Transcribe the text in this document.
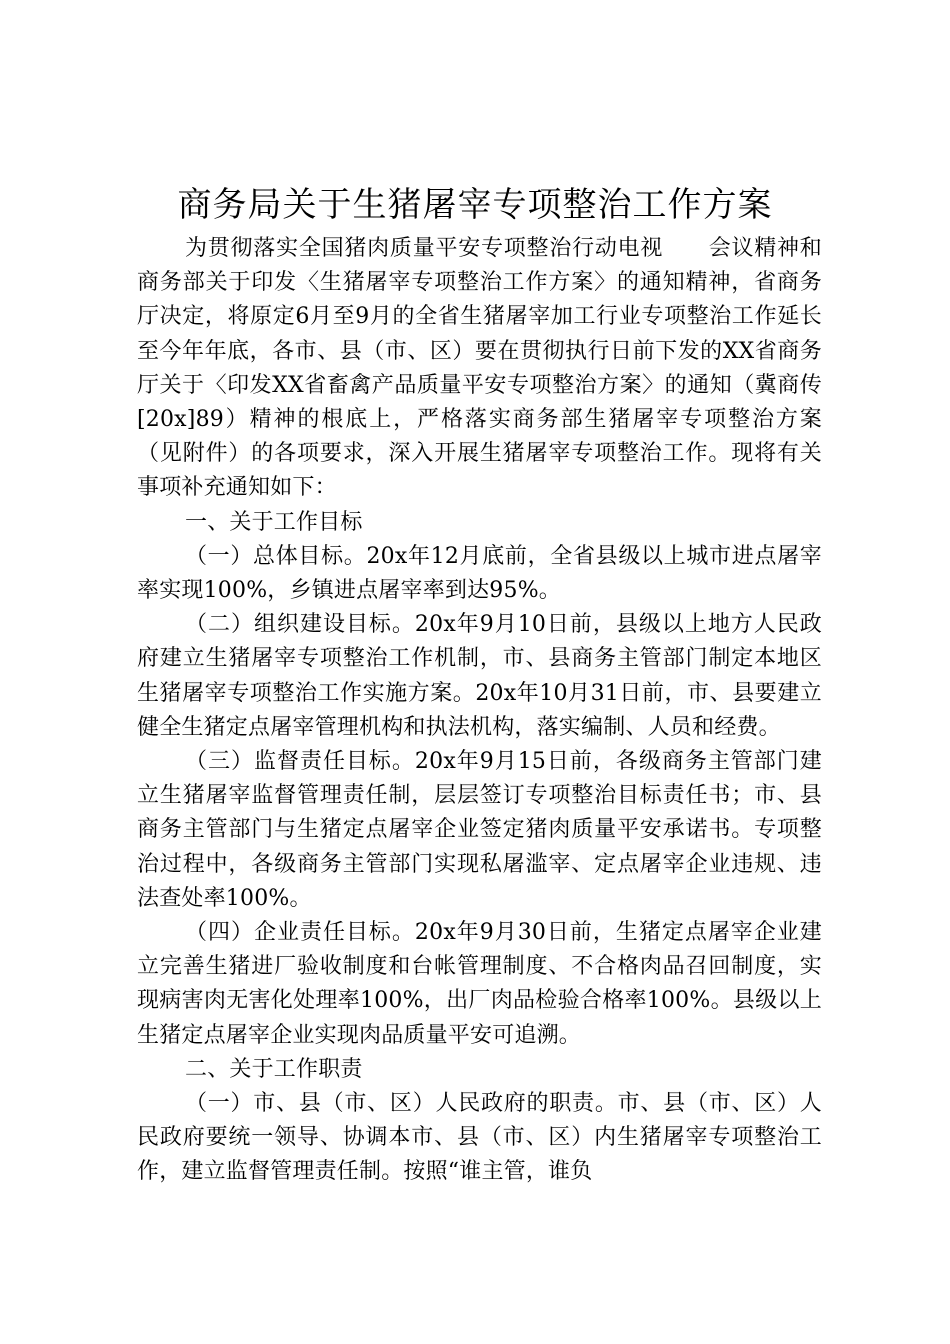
商务局关于生猪屠宰专项整治工作方案

为贯彻落实全国猪肉质量平安专项整治行动电视　　会议精神和商务部关于印发〈生猪屠宰专项整治工作方案〉的通知精神，省商务厅决定，将原定6月至9月的全省生猪屠宰加工行业专项整治工作延长至今年年底，各市、县（市、区）要在贯彻执行日前下发的XX省商务厅关于〈印发XX省畜禽产品质量平安专项整治方案〉的通知（冀商传[20x]89）精神的根底上，严格落实商务部生猪屠宰专项整治方案（见附件）的各项要求，深入开展生猪屠宰专项整治工作。现将有关事项补充通知如下：

一、关于工作目标

（一）总体目标。20x年12月底前，全省县级以上城市进点屠宰率实现100%，乡镇进点屠宰率到达95%。

（二）组织建设目标。20x年9月10日前，县级以上地方人民政府建立生猪屠宰专项整治工作机制，市、县商务主管部门制定本地区生猪屠宰专项整治工作实施方案。20x年10月31日前，市、县要建立健全生猪定点屠宰管理机构和执法机构，落实编制、人员和经费。

（三）监督责任目标。20x年9月15日前，各级商务主管部门建立生猪屠宰监督管理责任制，层层签订专项整治目标责任书；市、县商务主管部门与生猪定点屠宰企业签定猪肉质量平安承诺书。专项整治过程中，各级商务主管部门实现私屠滥宰、定点屠宰企业违规、违法查处率100%。

（四）企业责任目标。20x年9月30日前，生猪定点屠宰企业建立完善生猪进厂验收制度和台帐管理制度、不合格肉品召回制度，实现病害肉无害化处理率100%，出厂肉品检验合格率100%。县级以上生猪定点屠宰企业实现肉品质量平安可追溯。

二、关于工作职责

（一）市、县（市、区）人民政府的职责。市、县（市、区）人民政府要统一领导、协调本市、县（市、区）内生猪屠宰专项整治工作，建立监督管理责任制。按照“谁主管，谁负
